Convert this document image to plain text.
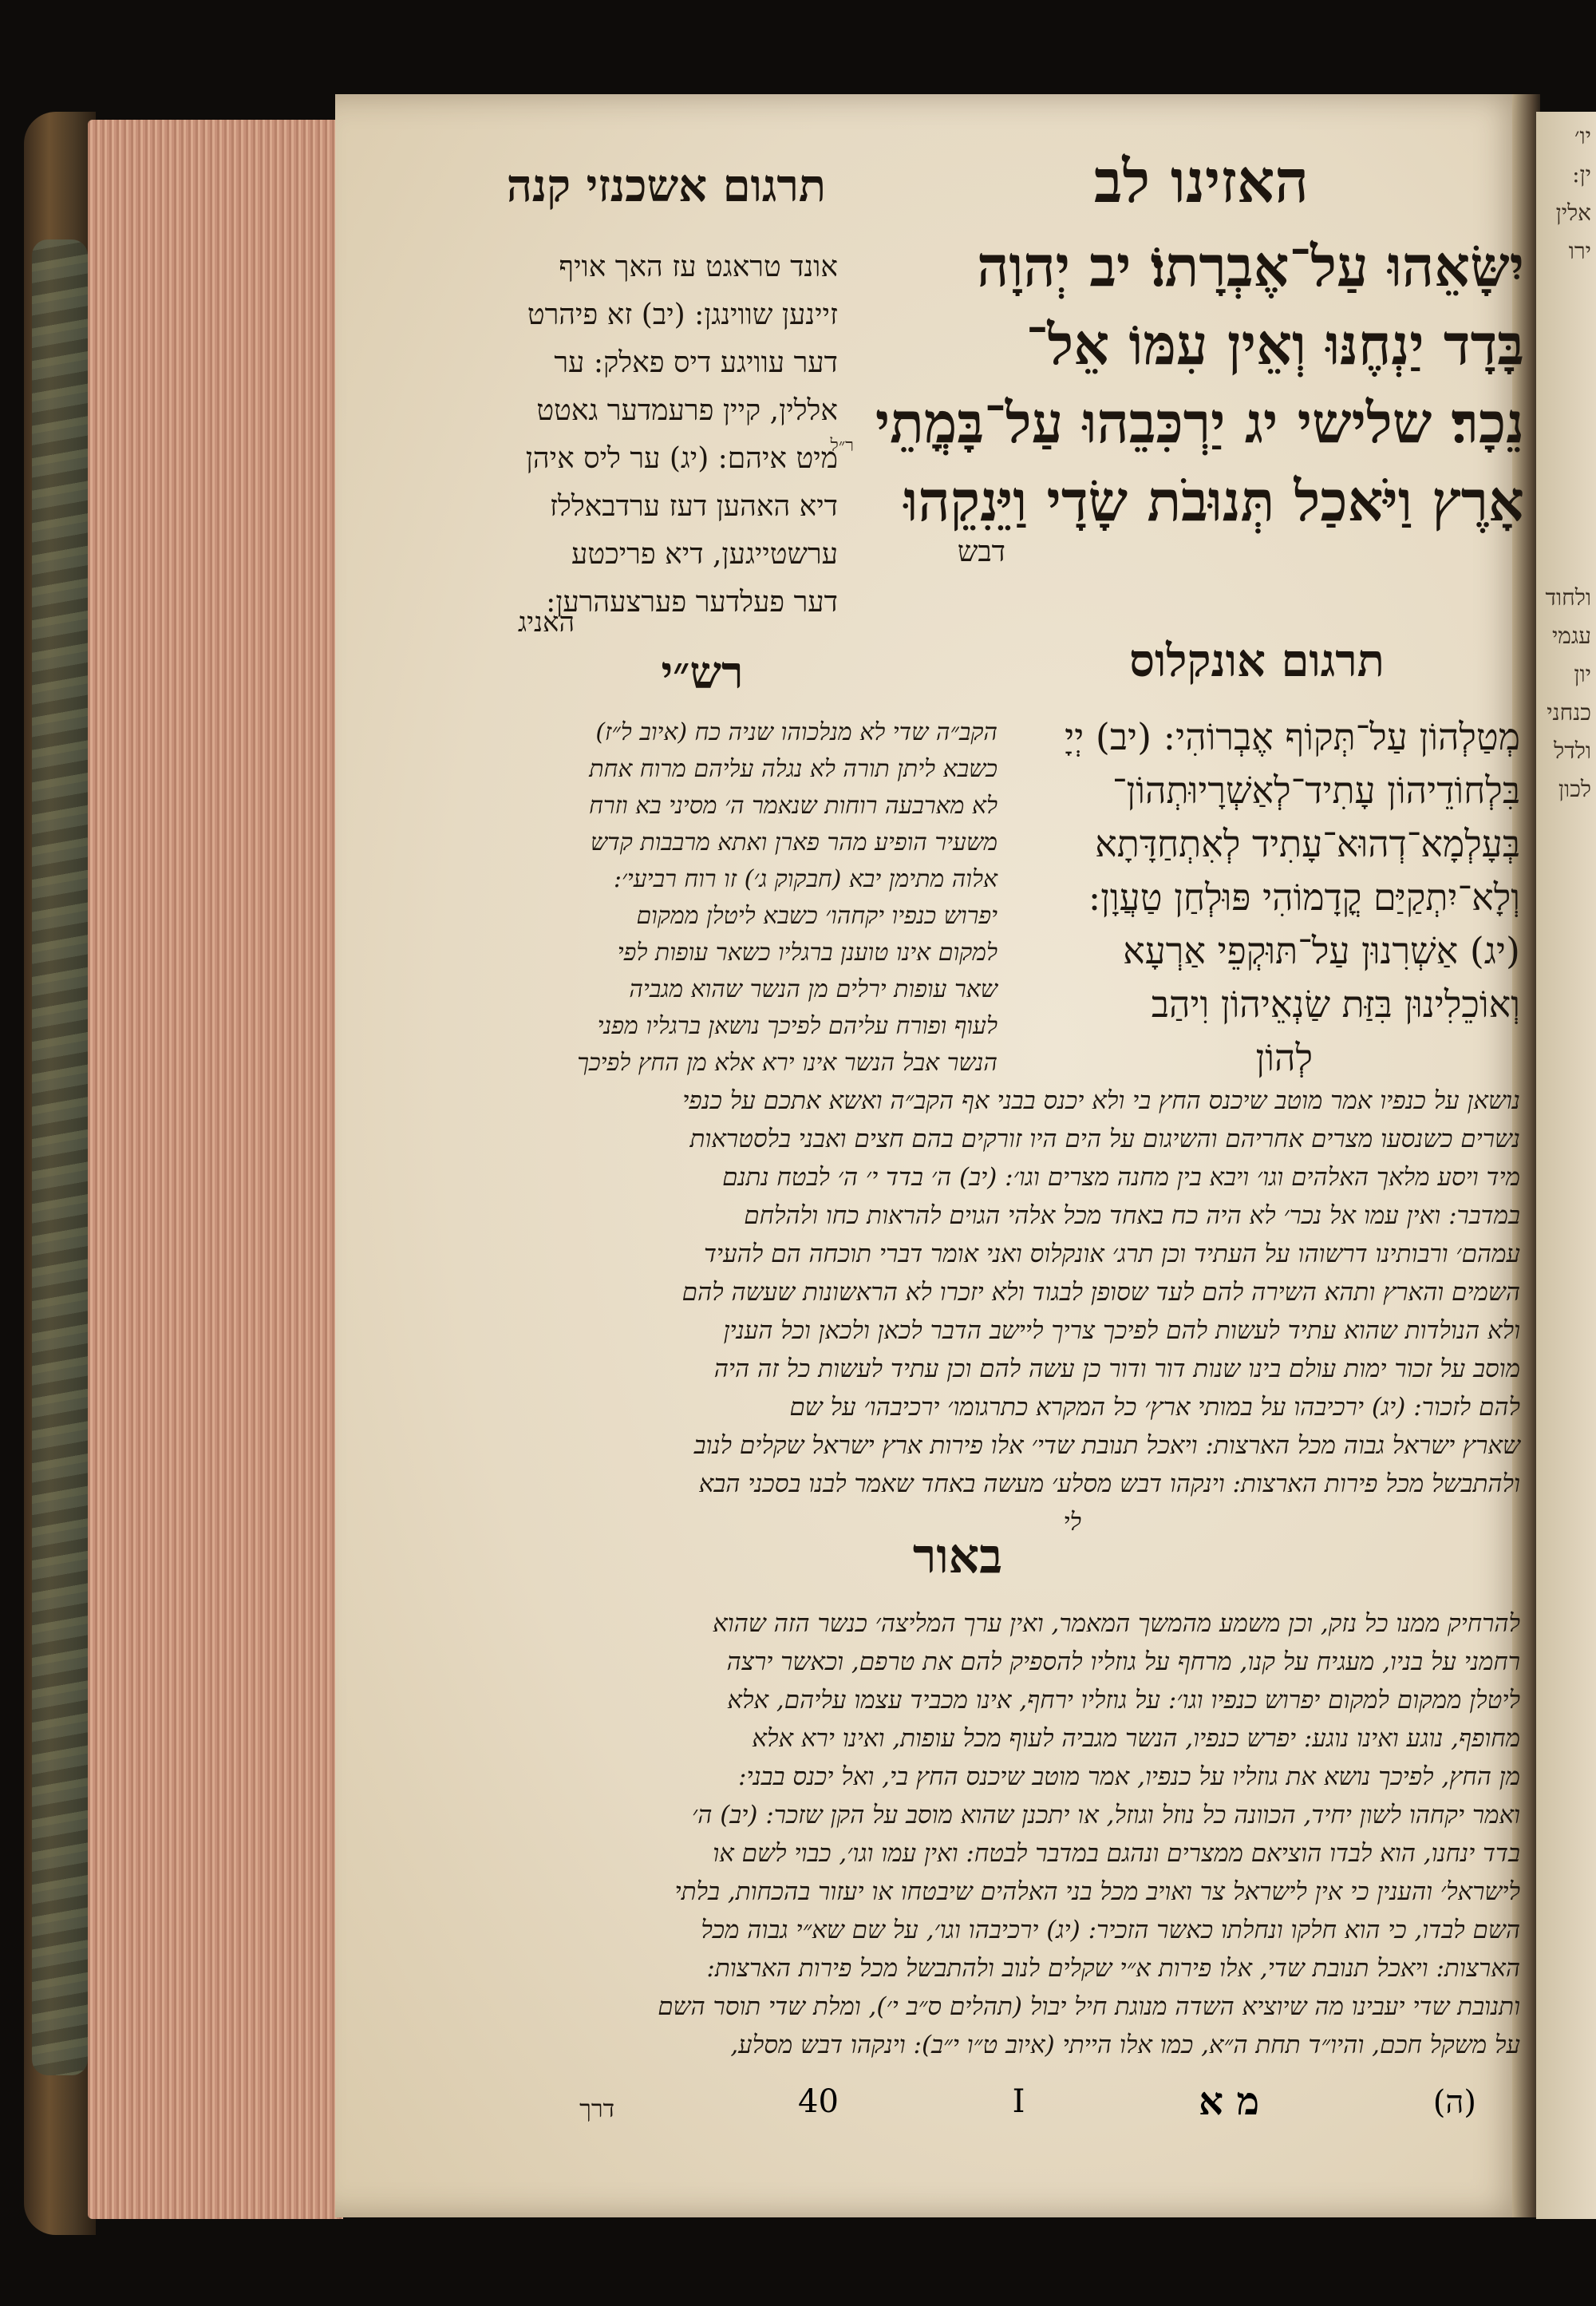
יו׳
ין:
אלין
ירו
ולחוד
עגמי
יון
כנחני
ולדל
לכון
תרגום אשכנזי קנה	האזינו לב
יִשָּׂאֵהוּ עַל־אֶבְרָתוֹ׃ יב יְהוָה
בָּדָד יַנְחֶנּוּ וְאֵין עִמּוֹ אֵל־
נֵכָר׃ שלישי יג יַרְכִּבֵהוּ עַל־בָּמֳתֵי
אָרֶץ וַיֹּאכַל תְּנוּבֹת שָׂדָי וַיֵּנִקֵהוּ
דבש
אונד טראגט עז האך אויף
זיינען שווינגן: (יב) זא פיהרט
דער עוויגע דיס פאלק: ער
אללין, קיין פרעמדער גאטט
מיט איהם: (יג) ער ליס איהן
דיא האהען דעז ערדבאללז
ערשטייגען, דיא פריכטע
דער פעלדער פערצעהרען:
האניג
ר״ל
תרגום אונקלוס
רש״י
מְטַלְהוֹן עַל־תְּקוֹף אֶבְרוֹהִי: (יב) יְיָ
בִּלְחוֹדֵיהוֹן עָתִיד־לְאַשְׁרָיוּתְהוֹן־
בְּעָלְמָא־דְהוּא־עָתִיד לְאִתְחַדָּתָא
וְלָא־יִתְקַיַּם קֳדָמוֹהִי פּוּלְחַן טַעֲוָן:
(יג) אַשְׁרִנוּן עַל־תּוּקְפֵי אַרְעָא
וְאוֹכֵלִינוּן בִּזַּת שַׂנְאֵיהוֹן וִיהַב
לְהוֹן
הקב״ה שדי לא מנלכוהו שניה כח (איוב ל״ז)
כשבא ליתן תורה לא נגלה עליהם מרוח אחת
לא מארבעה רוחות שנאמר ה׳ מסיני בא וזרח
משעיר הופיע מהר פארן ואתא מרבבות קדש
אלוה מתימן יבא (חבקוק ג׳) זו רוח רביעי׳:
יפרוש כנפיו יקחהו׳ כשבא ליטלן ממקום
למקום אינו טוענן ברגליו כשאר עופות לפי
שאר עופות ירלים מן הנשר שהוא מגביה
לעוף ופורח עליהם לפיכך נושאן ברגליו מפני
הנשר אבל הנשר אינו ירא אלא מן החץ לפיכך
נושאן על כנפיו אמר מוטב שיכנס החץ בי ולא יכנס בבני אף הקב״ה ואשא אתכם על כנפי
נשרים כשנסעו מצרים אחריהם והשיגום על הים היו זורקים בהם חצים ואבני בלסטראות
מיד ויסע מלאך האלהים וגו׳ ויבא בין מחנה מצרים וגו׳: (יב) ה׳ בדד י׳ ה׳ לבטח נתנם
במדבר: ואין עמו אל נכר׳ לא היה כח באחד מכל אלהי הגוים להראות כחו ולהלחם
עמהם׳ ורבותינו דרשוהו על העתיד וכן תרג׳ אונקלוס ואני אומר דברי תוכחה הם להעיד
השמים והארץ ותהא השירה להם לעד שסופן לבגוד ולא יזכרו לא הראשונות שעשה להם
ולא הנולדות שהוא עתיד לעשות להם לפיכך צריך ליישב הדבר לכאן ולכאן וכל הענין
מוסב על זכור ימות עולם בינו שנות דור ודור כן עשה להם וכן עתיד לעשות כל זה היה
להם לזכור: (יג) ירכיבהו על במותי ארץ׳ כל המקרא כתרגומו׳ ירכיבהו׳ על שם
שארץ ישראל גבוה מכל הארצות: ויאכל תנובת שדי׳ אלו פירות ארץ ישראל שקלים לנוב
ולהתבשל מכל פירות הארצות: וינקהו דבש מסלע׳ מעשה באחד שאמר לבנו בסכני הבא
לי
באור
להרחיק ממנו כל נזק, וכן משמע מהמשך המאמר, ואין ערך המליצה׳ כנשר הזה שהוא
רחמני על בניו, מעגיח על קנו, מרחף על גוזליו להספיק להם את טרפם, וכאשר ירצה
ליטלן ממקום למקום יפרוש כנפיו וגו׳: על גוזליו ירחף, אינו מכביד עצמו עליהם, אלא
מחופף, נוגע ואינו נוגע: יפרש כנפיו, הנשר מגביה לעוף מכל עופות, ואינו ירא אלא
מן החץ, לפיכך נושא את גוזליו על כנפיו, אמר מוטב שיכנס החץ בי, ואל יכנס בבני:
ואמר יקחהו לשון יחיד, הכוונה כל נוזל וגוזל, או יתכנן שהוא מוסב על הקן שזכר: (יב) ה׳
בדד ינחנו, הוא לבדו הוציאם ממצרים ונהגם במדבר לבטח: ואין עמו וגו׳, כבוי לשם או
לישראל׳ והענין כי אין לישראל צר ואויב מכל בני האלהים שיבטחו או יעזור בהכחות, בלתי
השם לבדו, כי הוא חלקו ונחלתו כאשר הזכיר: (יג) ירכיבהו וגו׳, על שם שא״י גבוה מכל
הארצות: ויאכל תנובת שדי, אלו פירות א״י שקלים לנוב ולהתבשל מכל פירות הארצות:
ותנובת שדי יעבינו מה שיוציא השדה מנוגת חיל יבול (תהלים ס״ב י׳), ומלת שדי תוסר השם
על משקל חכם, והיו״ד תחת ה״א, כמו אלו הייתי (איוב ט״ו י״ב): וינקהו דבש מסלע,
40	I	מ א	(ה)
דרך
